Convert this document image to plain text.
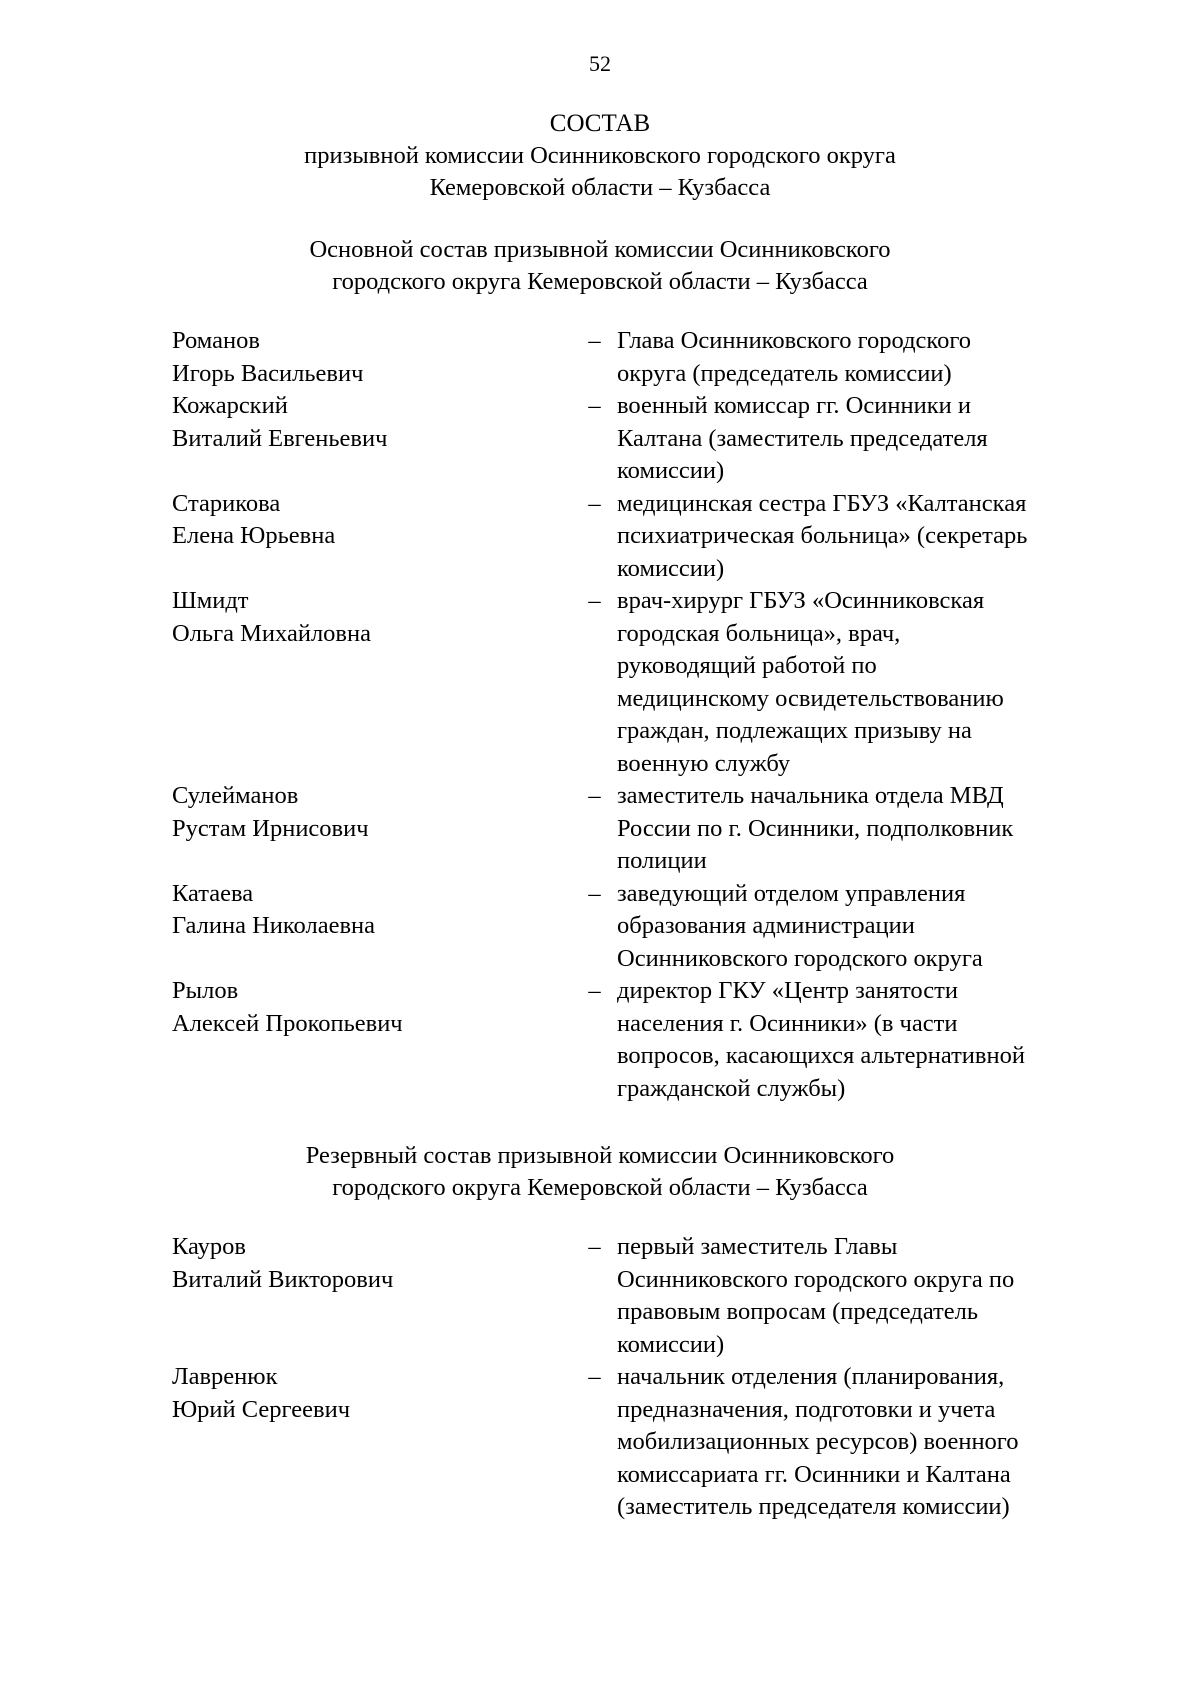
52
СОСТАВ
призывной комиссии Осинниковского городского округа
Кемеровской области – Кузбасса
Основной состав призывной комиссии Осинниковского
городского округа Кемеровской области – Кузбасса
Романов
Игорь Васильевич
– Глава Осинниковского городского
округа (председатель комиссии)
Кожарский
Виталий Евгеньевич
– военный комиссар гг. Осинники и
Калтана (заместитель председателя
комиссии)
Старикова
Елена Юрьевна
– медицинская сестра ГБУЗ «Калтанская
психиатрическая больница» (секретарь
комиссии)
Шмидт
Ольга Михайловна
– врач-хирург ГБУЗ «Осинниковская
городская больница», врач,
руководящий работой по
медицинскому освидетельствованию
граждан, подлежащих призыву на
военную службу
Сулейманов
Рустам Ирнисович
– заместитель начальника отдела МВД
России по г. Осинники, подполковник
полиции
Катаева
Галина Николаевна
– заведующий отделом управления
образования администрации
Осинниковского городского округа
Рылов
Алексей Прокопьевич
– директор ГКУ «Центр занятости
населения г. Осинники» (в части
вопросов, касающихся альтернативной
гражданской службы)
Резервный состав призывной комиссии Осинниковского
городского округа Кемеровской области – Кузбасса
Кауров
Виталий Викторович
– первый заместитель Главы
Осинниковского городского округа по
правовым вопросам (председатель
комиссии)
Лавренюк
Юрий Сергеевич
– начальник отделения (планирования,
предназначения, подготовки и учета
мобилизационных ресурсов) военного
комиссариата гг. Осинники и Калтана
(заместитель председателя комиссии)
